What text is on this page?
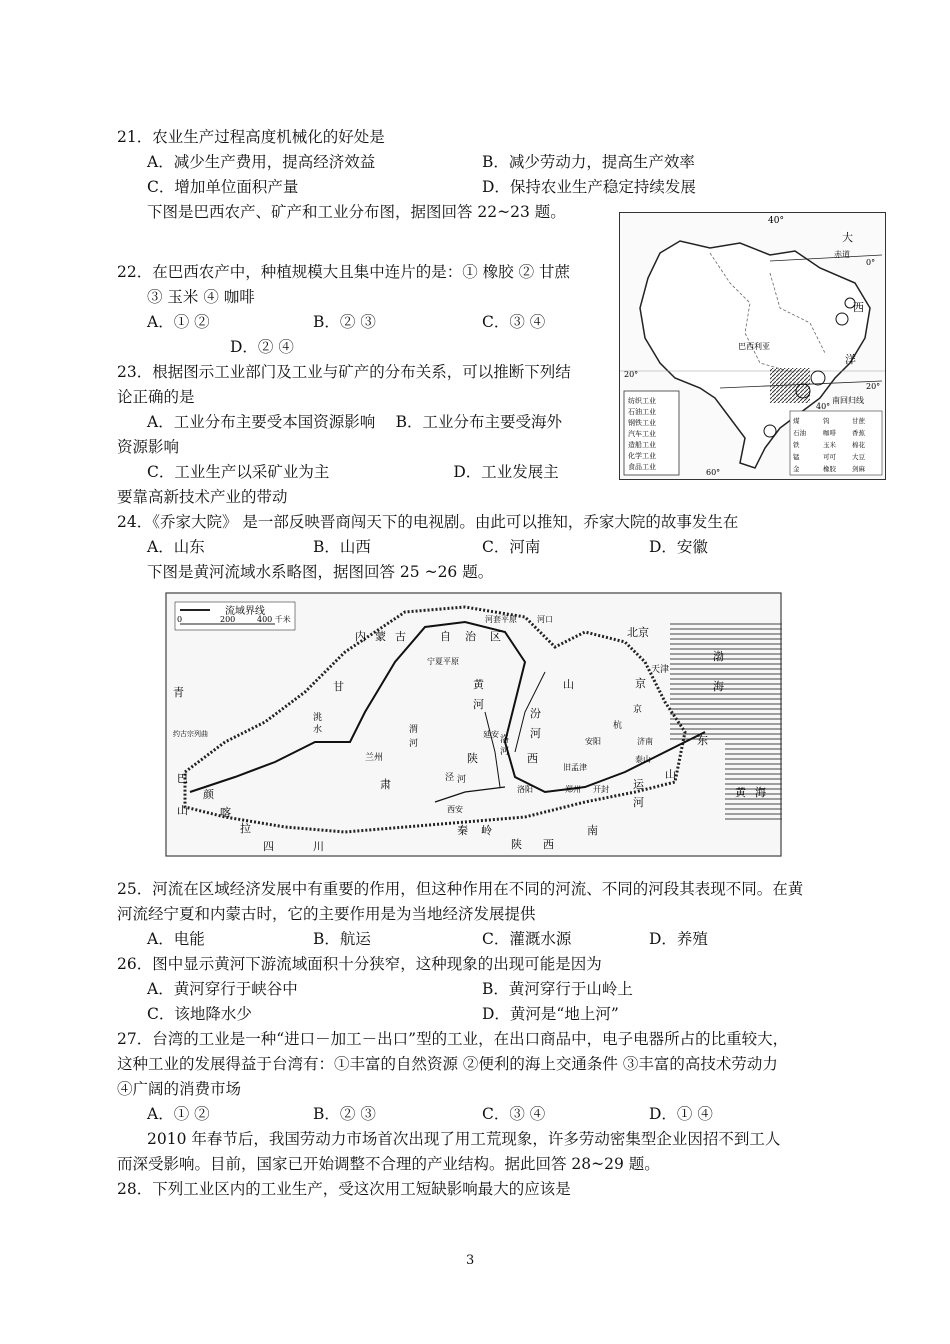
21．农业生产过程高度机械化的好处是
A．减少生产费用，提高经济效益	B．减少劳动力，提高生产效率
C．增加单位面积产量	D．保持农业生产稳定持续发展
下图是巴西农产、矿产和工业分布图，据图回答 22~23 题。
22．在巴西农产中，种植规模大且集中连片的是：① 橡胶 ② 甘蔗
③ 玉米 ④ 咖啡
A．① ②	B．② ③	C．③ ④
D．② ④
23．根据图示工业部门及工业与矿产的分布关系，可以推断下列结
论正确的是
A．工业分布主要受本国资源影响　 B．工业分布主要受海外
资源影响
C．工业生产以采矿业为主　　　　　　　　D．工业发展主
要靠高新技术产业的带动
40°
大
赤道
0°
西
洋
巴西利亚
20°
20°
40°
南回归线
60°
纺织工业
石油工业
钢铁工业
汽车工业
造船工业
化学工业
食品工业
煤	钨	甘蔗
石油	咖啡 香蕉
铁	玉米 棉花
锰	可可 大豆
金	橡胶 剑麻
24．《乔家大院》 是一部反映晋商闯天下的电视剧。由此可以推知，乔家大院的故事发生在
A．山东	B．山西	C．河南	D．安徽
下图是黄河流域水系略图，据图回答 25 ~26 题。
流域界线
0	200	400 千米
内 蒙 古	自 治 区
河套平原	河口
宁夏平原
北京
天津
渤
海
京
甘
青
兰州
黄
河
山
西
陕
延安
汾
河
安阳	济南	东
山
泰山
黄 海
肃
旧孟津
西安
洛阳	郑州 开封 运
河
南
秦 岭
陕 西
四	川
巴
颜
喀
拉
山
约古宗列曲
洮
水	渭
河
泾 河
洛
河
杭
京
25．河流在区域经济发展中有重要的作用，但这种作用在不同的河流、不同的河段其表现不同。在黄
河流经宁夏和内蒙古时，它的主要作用是为当地经济发展提供
A．电能	B．航运	C．灌溉水源	D．养殖
26．图中显示黄河下游流域面积十分狭窄，这种现象的出现可能是因为
A．黄河穿行于峡谷中	B．黄河穿行于山岭上
C．该地降水少	D．黄河是“地上河”
27．台湾的工业是一种“进口－加工－出口”型的工业，在出口商品中，电子电器所占的比重较大，
这种工业的发展得益于台湾有：①丰富的自然资源 ②便利的海上交通条件 ③丰富的高技术劳动力
④广阔的消费市场
A．① ②	B．② ③	C．③ ④	D．① ④
2010 年春节后，我国劳动力市场首次出现了用工荒现象，许多劳动密集型企业因招不到工人
而深受影响。目前，国家已开始调整不合理的产业结构。据此回答 28~29 题。
28．下列工业区内的工业生产，受这次用工短缺影响最大的应该是
3
